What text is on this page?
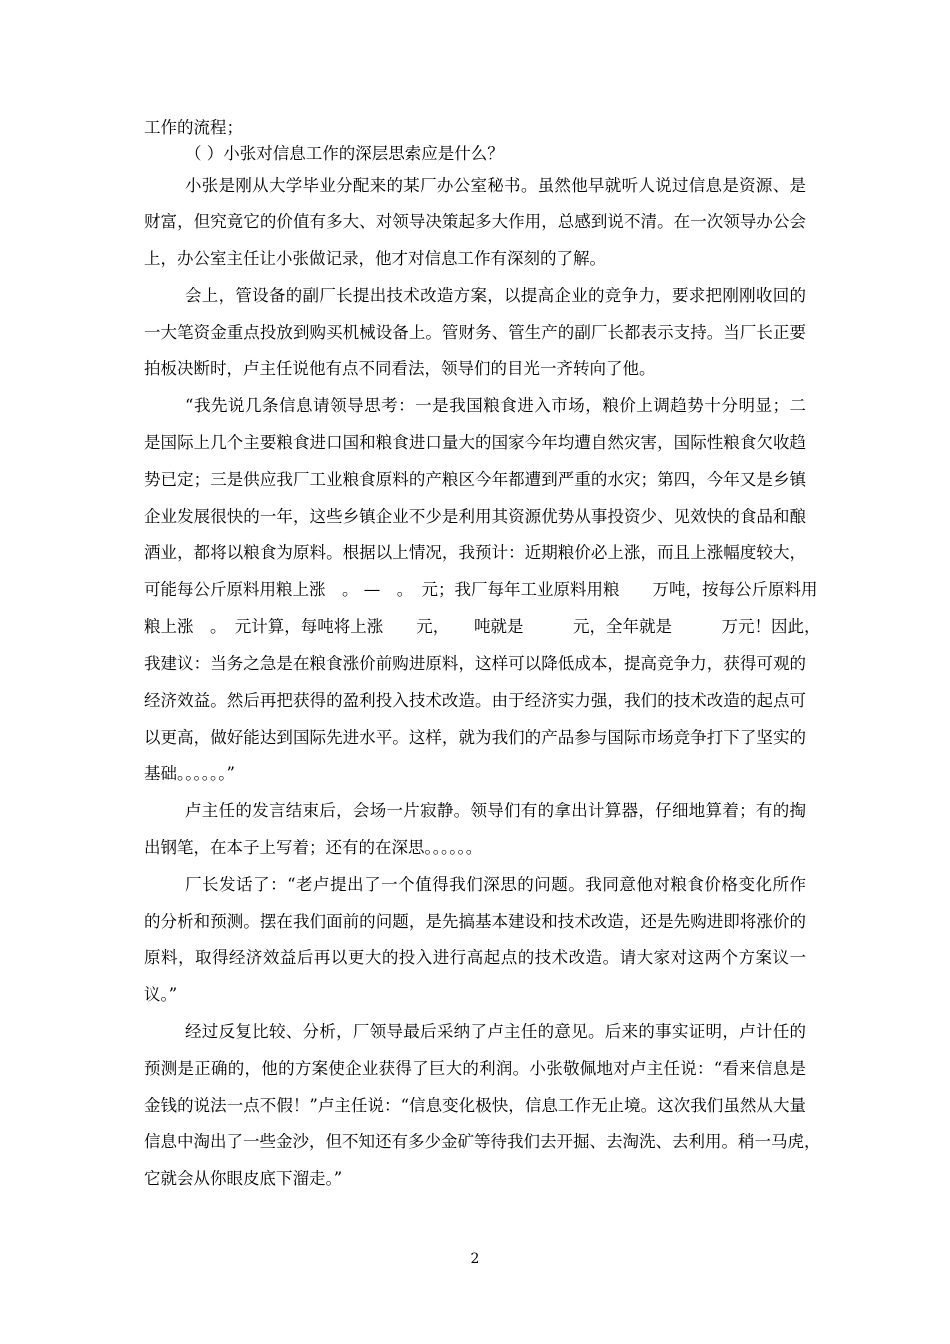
工作的流程；
（ ）小张对信息工作的深层思索应是什么？
小张是刚从大学毕业分配来的某厂办公室秘书。虽然他早就听人说过信息是资源、是
财富，但究竟它的价值有多大、对领导决策起多大作用，总感到说不清。在一次领导办公会
上，办公室主任让小张做记录，他才对信息工作有深刻的了解。
会上，管设备的副厂长提出技术改造方案，以提高企业的竞争力，要求把刚刚收回的
一大笔资金重点投放到购买机械设备上。管财务、管生产的副厂长都表示支持。当厂长正要
拍板决断时，卢主任说他有点不同看法，领导们的目光一齐转向了他。
“我先说几条信息请领导思考：一是我国粮食进入市场，粮价上调趋势十分明显；二
是国际上几个主要粮食进口国和粮食进口量大的国家今年均遭自然灾害，国际性粮食欠收趋
势已定；三是供应我厂工业粮食原料的产粮区今年都遭到严重的水灾；第四，今年又是乡镇
企业发展很快的一年，这些乡镇企业不少是利用其资源优势从事投资少、见效快的食品和酿
酒业，都将以粮食为原料。根据以上情况，我预计：近期粮价必上涨，而且上涨幅度较大，
可能每公斤原料用粮上涨　。 —　。　元；我厂每年工业原料用粮　　万吨，按每公斤原料用
粮上涨　。　元计算，每吨将上涨　　元，　　吨就是　　　元，全年就是　　　万元！因此，
我建议：当务之急是在粮食涨价前购进原料，这样可以降低成本，提高竞争力，获得可观的
经济效益。然后再把获得的盈利投入技术改造。由于经济实力强，我们的技术改造的起点可
以更高，做好能达到国际先进水平。这样，就为我们的产品参与国际市场竞争打下了坚实的
基础。。。。。。”
卢主任的发言结束后，会场一片寂静。领导们有的拿出计算器，仔细地算着；有的掏
出钢笔，在本子上写着；还有的在深思。。。。。。
厂长发话了：“老卢提出了一个值得我们深思的问题。我同意他对粮食价格变化所作
的分析和预测。摆在我们面前的问题，是先搞基本建设和技术改造，还是先购进即将涨价的
原料，取得经济效益后再以更大的投入进行高起点的技术改造。请大家对这两个方案议一
议。”
经过反复比较、分析，厂领导最后采纳了卢主任的意见。后来的事实证明，卢计任的
预测是正确的，他的方案使企业获得了巨大的利润。小张敬佩地对卢主任说：“看来信息是
金钱的说法一点不假！”卢主任说：“信息变化极快，信息工作无止境。这次我们虽然从大量
信息中淘出了一些金沙，但不知还有多少金矿等待我们去开掘、去淘洗、去利用。稍一马虎，
它就会从你眼皮底下溜走。”
2
